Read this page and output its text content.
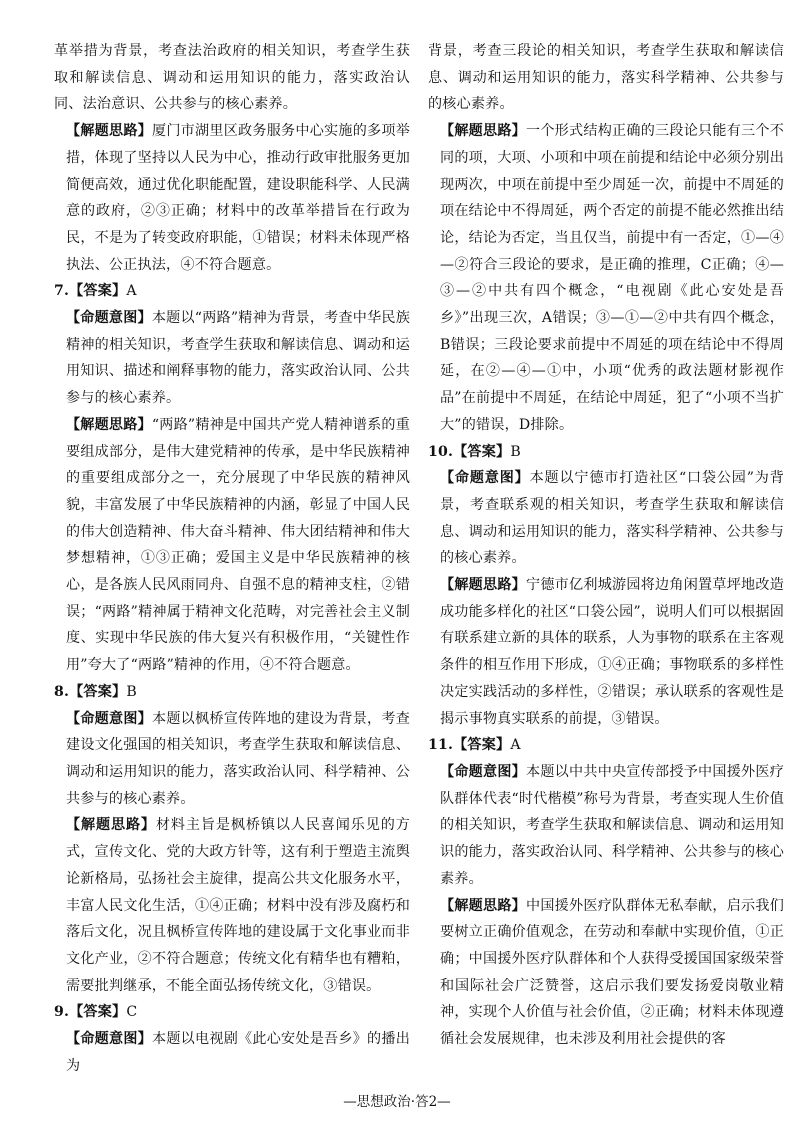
革举措为背景，考查法治政府的相关知识，考查学生获取和解读信息、调动和运用知识的能力，落实政治认同、法治意识、公共参与的核心素养。

【解题思路】厦门市湖里区政务服务中心实施的多项举措，体现了坚持以人民为中心，推动行政审批服务更加简便高效，通过优化职能配置，建设职能科学、人民满意的政府，②③正确；材料中的改革举措旨在行政为民，不是为了转变政府职能，①错误；材料未体现严格执法、公正执法，④不符合题意。

7.【答案】A

【命题意图】本题以“两路”精神为背景，考查中华民族精神的相关知识，考查学生获取和解读信息、调动和运用知识、描述和阐释事物的能力，落实政治认同、公共参与的核心素养。

【解题思路】“两路”精神是中国共产党人精神谱系的重要组成部分，是伟大建党精神的传承，是中华民族精神的重要组成部分之一，充分展现了中华民族的精神风貌，丰富发展了中华民族精神的内涵，彰显了中国人民的伟大创造精神、伟大奋斗精神、伟大团结精神和伟大梦想精神，①③正确；爱国主义是中华民族精神的核心，是各族人民风雨同舟、自强不息的精神支柱，②错误；“两路”精神属于精神文化范畴，对完善社会主义制度、实现中华民族的伟大复兴有积极作用，“关键性作用”夸大了“两路”精神的作用，④不符合题意。

8.【答案】B

【命题意图】本题以枫桥宣传阵地的建设为背景，考查建设文化强国的相关知识，考查学生获取和解读信息、调动和运用知识的能力，落实政治认同、科学精神、公共参与的核心素养。

【解题思路】材料主旨是枫桥镇以人民喜闻乐见的方式，宣传文化、党的大政方针等，这有利于塑造主流舆论新格局，弘扬社会主旋律，提高公共文化服务水平，丰富人民文化生活，①④正确；材料中没有涉及腐朽和落后文化，况且枫桥宣传阵地的建设属于文化事业而非文化产业，②不符合题意；传统文化有精华也有糟粕，需要批判继承，不能全面弘扬传统文化，③错误。

9.【答案】C

【命题意图】本题以电视剧《此心安处是吾乡》的播出为

背景，考查三段论的相关知识，考查学生获取和解读信息、调动和运用知识的能力，落实科学精神、公共参与的核心素养。

【解题思路】一个形式结构正确的三段论只能有三个不同的项，大项、小项和中项在前提和结论中必须分别出现两次，中项在前提中至少周延一次，前提中不周延的项在结论中不得周延，两个否定的前提不能必然推出结论，结论为否定，当且仅当，前提中有一否定，①—④—②符合三段论的要求，是正确的推理，C正确；④—③—②中共有四个概念，“电视剧《此心安处是吾乡》”出现三次，A错误；③—①—②中共有四个概念，B错误；三段论要求前提中不周延的项在结论中不得周延，在②—④—①中，小项“优秀的政法题材影视作品”在前提中不周延，在结论中周延，犯了“小项不当扩大”的错误，D排除。

10.【答案】B

【命题意图】本题以宁德市打造社区“口袋公园”为背景，考查联系观的相关知识，考查学生获取和解读信息、调动和运用知识的能力，落实科学精神、公共参与的核心素养。

【解题思路】宁德市亿利城游园将边角闲置草坪地改造成功能多样化的社区“口袋公园”，说明人们可以根据固有联系建立新的具体的联系，人为事物的联系在主客观条件的相互作用下形成，①④正确；事物联系的多样性决定实践活动的多样性，②错误；承认联系的客观性是揭示事物真实联系的前提，③错误。

11.【答案】A

【命题意图】本题以中共中央宣传部授予中国援外医疗队群体代表“时代楷模”称号为背景，考查实现人生价值的相关知识，考查学生获取和解读信息、调动和运用知识的能力，落实政治认同、科学精神、公共参与的核心素养。

【解题思路】中国援外医疗队群体无私奉献，启示我们要树立正确价值观念，在劳动和奉献中实现价值，①正确；中国援外医疗队群体和个人获得受援国国家级荣誉和国际社会广泛赞誉，这启示我们要发扬爱岗敬业精神，实现个人价值与社会价值，②正确；材料未体现遵循社会发展规律，也未涉及利用社会提供的客

—思想政治·答2—
